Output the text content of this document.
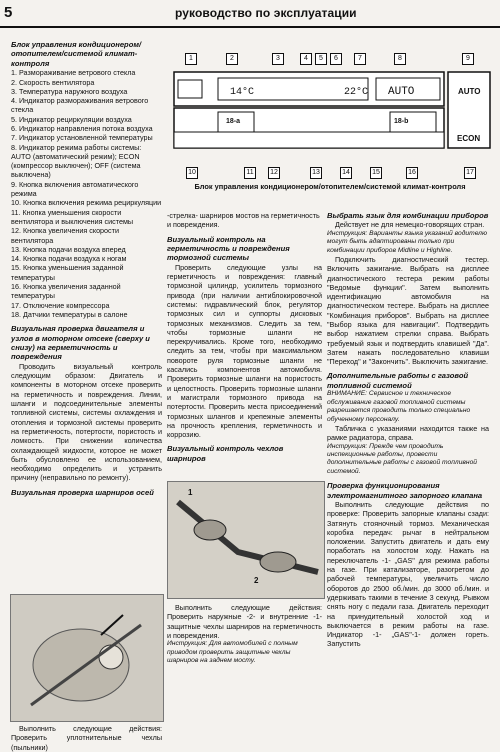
5	руководство по эксплуатации

Блок управления кондиционером/отопителем/системой климат-контроля

1. Размораживание ветрового стекла

2. Скорость вентилятора

3. Температура наружного воздуха

4. Индикатор размораживания ветрового стекла

5. Индикатор рециркуляции воздуха

6. Индикатор направления потока воздуха

7. Индикатор установленной температуры

8. Индикатор режима работы системы: AUTO (автоматический режим); ECON (компрессор выключен); OFF (система выключена)

9. Кнопка включения автоматического режима

10. Кнопка включения режима рециркуляции

11. Кнопка уменьшения скорости вентилятора и выключения системы

12. Кнопка увеличения скорости вентилятора

13. Кнопка подачи воздуха вперед

14. Кнопка подачи воздуха к ногам

15. Кнопка уменьшения заданной температуры

16. Кнопка увеличения заданной температуры

17. Отключение компрессора

18. Датчики температуры в салоне

Визуальная проверка двигателя и узлов в моторном отсеке (сверху и снизу) на герметичность и повреждения

Проводить визуальный контроль следующим образом: Двигатель и компоненты в моторном отсеке проверить на герметичность и повреждения. Линии, шланги и подсоединительные элементы топливной системы, системы охлаждения и отопления и тормозной системы проверить на герметичность, потертости, пористость и ломкость. При снижении количества охлаждающей жидкости, которое не может быть обусловлено ее использованием, необходимо определить и устранить причину (неправильно по ремонту).

Визуальная проверка шарниров осей

Выполнить следующие действия: Проверить уплотнительные чехлы (пыльники)

1	2	3	4	5	6	7	8	9
14°C	22°C AUTO
18-a	18-b
AUTO
ECON
10	11	12	13	14	15	16	17
Блок управления кондиционером/отопителем/системой климат-контроля

-стрелка- шарниров мостов на герметичность и повреждения.

Визуальный контроль на герметичность и повреждения тормозной системы

Проверить следующие узлы на герметичность и повреждения: главный тормозной цилиндр, усилитель тормозного привода (при наличии антиблокировочной системы: гидравлический блок, регулятор тормозных сил и суппорты дисковых тормозных механизмов. Следить за тем, чтобы тормозные шланги не перекручивались. Кроме того, необходимо следить за тем, чтобы при максимальном повороте руля тормозные шланги не касались компонентов автомобиля. Проверить тормозные шланги на пористость и целостность. Проверить тормозные шланги и магистрали тормозного привода на потертости. Проверить места присоединений тормозных шлангов и крепежные элементы на прочность крепления, герметичность и коррозию.

Визуальный контроль чехлов шарниров

1
2

Выполнить следующие действия: Проверить наружные -2- и внутренние -1- защитные чехлы шарниров на герметичность и повреждения.

Инструкция: Для автомобилей с полным приводом проверить защитные чехлы шарниров на заднем мосту.

Выбрать язык для комбинации приборов

Действует не для немецко-говорящих стран.

Инструкция: Варианты языка указаний водителю могут быть адаптированы только при комбинации приборов Midline и Highline.

Подключить диагностический тестер. Включить зажигание. Выбрать на дисплее диагностического тестера режим работы "Ведомые функции". Затем выполнить идентификацию автомобиля на диагностическом тестере. Выбрать на дисплее "Комбинация приборов". Выбрать на дисплее "Выбор языка для навигации". Подтвердить выбор нажатием стрелки справа. Выбрать требуемый язык и подтвердить клавишей "Да". Затем нажать последовательно клавиши "Переход" и "Закончить". Выключить зажигание.

Дополнительные работы с газовой топливной системой

ВНИМАНИЕ: Сервисное и техническое обслуживание газовой топливной системы разрешается проводить только специально обученному персоналу.

Табличка с указаниями находится также на рамке радиатора, справа.

Инструкция: Прежде чем проводить инспекционные работы, провести дополнительные работы с газовой топливной системой.

Проверка функционирования электромагнитного запорного клапана

Выполнить следующие действия по проверке: Проверить запорные клапаны сзади: Затянуть стояночный тормоз. Механическая коробка передач: рычаг в нейтральном положении. Запустить двигатель и дать ему поработать на холостом ходу. Нажать на переключатель -1- „GAS" для режима работы на газе. При катализаторе, разогретом до рабочей температуры, увеличить число оборотов до 2500 об./мин. до 3000 об./мин. и удерживать такими в течение 3 секунд. Рывком снять ногу с педали газа. Двигатель переходит на принудительный холостой ход и выключается в режим работы на газе. Индикатор -1- „GAS"-1- должен гореть. Запустить
